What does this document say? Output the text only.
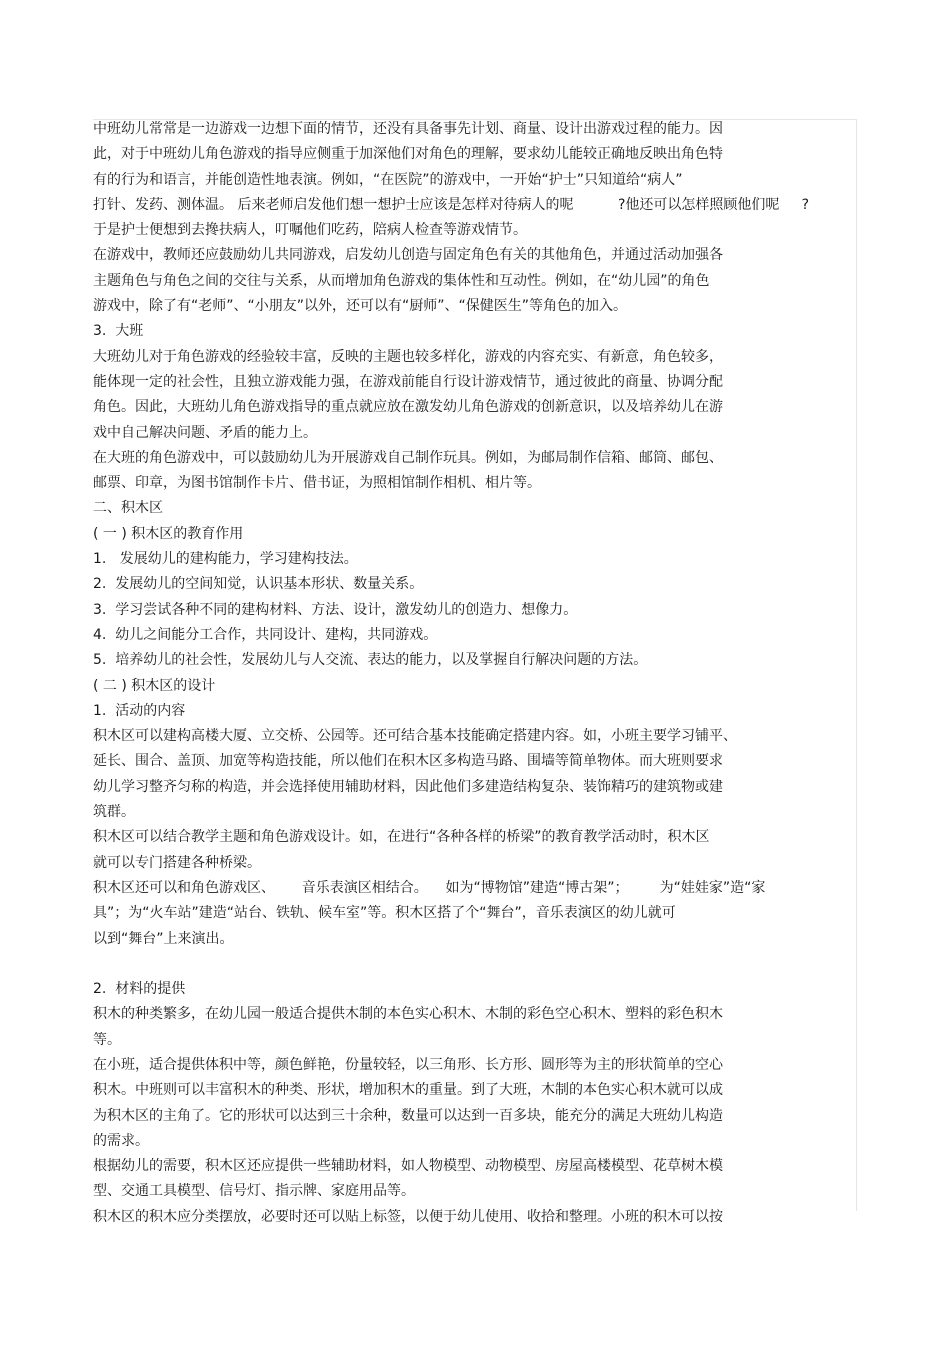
中班幼儿常常是一边游戏一边想下面的情节，还没有具备事先计划、商量、设计出游戏过程的能力。因
此，对于中班幼儿角色游戏的指导应侧重于加深他们对角色的理解，要求幼儿能较正确地反映出角色特
有的行为和语言，并能创造性地表演。例如，“在医院”的游戏中，一开始“护士”只知道给“病人”
打针、发药、测体温。 后来老师启发他们想一想护士应该是怎样对待病人的呢          ?他还可以怎样照顾他们呢     ?
于是护士便想到去搀扶病人，叮嘱他们吃药，陪病人检查等游戏情节。
在游戏中，教师还应鼓励幼儿共同游戏，启发幼儿创造与固定角色有关的其他角色，并通过活动加强各
主题角色与角色之间的交往与关系，从而增加角色游戏的集体性和互动性。例如，在“幼儿园”的角色
游戏中，除了有“老师”、“小朋友”以外，还可以有“厨师”、“保健医生”等角色的加入。
3.  大班
大班幼儿对于角色游戏的经验较丰富，反映的主题也较多样化，游戏的内容充实、有新意，角色较多，
能体现一定的社会性，且独立游戏能力强，在游戏前能自行设计游戏情节，通过彼此的商量、协调分配
角色。因此，大班幼儿角色游戏指导的重点就应放在激发幼儿角色游戏的创新意识，以及培养幼儿在游
戏中自己解决问题、矛盾的能力上。
在大班的角色游戏中，可以鼓励幼儿为开展游戏自己制作玩具。例如，为邮局制作信箱、邮筒、邮包、
邮票、印章，为图书馆制作卡片、借书证，为照相馆制作相机、相片等。
二、积木区
( 一 ) 积木区的教育作用
1.   发展幼儿的建构能力，学习建构技法。
2.  发展幼儿的空间知觉，认识基本形状、数量关系。
3.  学习尝试各种不同的建构材料、方法、设计，激发幼儿的创造力、想像力。
4.  幼儿之间能分工合作，共同设计、建构，共同游戏。
5.  培养幼儿的社会性，发展幼儿与人交流、表达的能力，以及掌握自行解决问题的方法。
( 二 ) 积木区的设计
1.  活动的内容
积木区可以建构高楼大厦、立交桥、公园等。还可结合基本技能确定搭建内容。如，小班主要学习铺平、
延长、围合、盖顶、加宽等构造技能，所以他们在积木区多构造马路、围墙等简单物体。而大班则要求
幼儿学习整齐匀称的构造，并会选择使用辅助材料，因此他们多建造结构复杂、装饰精巧的建筑物或建
筑群。
积木区可以结合教学主题和角色游戏设计。如，在进行“各种各样的桥梁”的教育教学活动时，积木区
就可以专门搭建各种桥梁。
积木区还可以和角色游戏区、      音乐表演区相结合。    如为“博物馆”建造“博古架”；       为“娃娃家”造“家
具”；为“火车站”建造“站台、铁轨、候车室”等。积木区搭了个“舞台”，音乐表演区的幼儿就可
以到“舞台”上来演出。
2.  材料的提供
积木的种类繁多，在幼儿园一般适合提供木制的本色实心积木、木制的彩色空心积木、塑料的彩色积木
等。
在小班，适合提供体积中等，颜色鲜艳，份量较轻，以三角形、长方形、圆形等为主的形状简单的空心
积木。中班则可以丰富积木的种类、形状，增加积木的重量。到了大班，木制的本色实心积木就可以成
为积木区的主角了。它的形状可以达到三十余种，数量可以达到一百多块，能充分的满足大班幼儿构造
的需求。
根据幼儿的需要，积木区还应提供一些辅助材料，如人物模型、动物模型、房屋高楼模型、花草树木模
型、交通工具模型、信号灯、指示牌、家庭用品等。
积木区的积木应分类摆放，必要时还可以贴上标签，以便于幼儿使用、收拾和整理。小班的积木可以按
